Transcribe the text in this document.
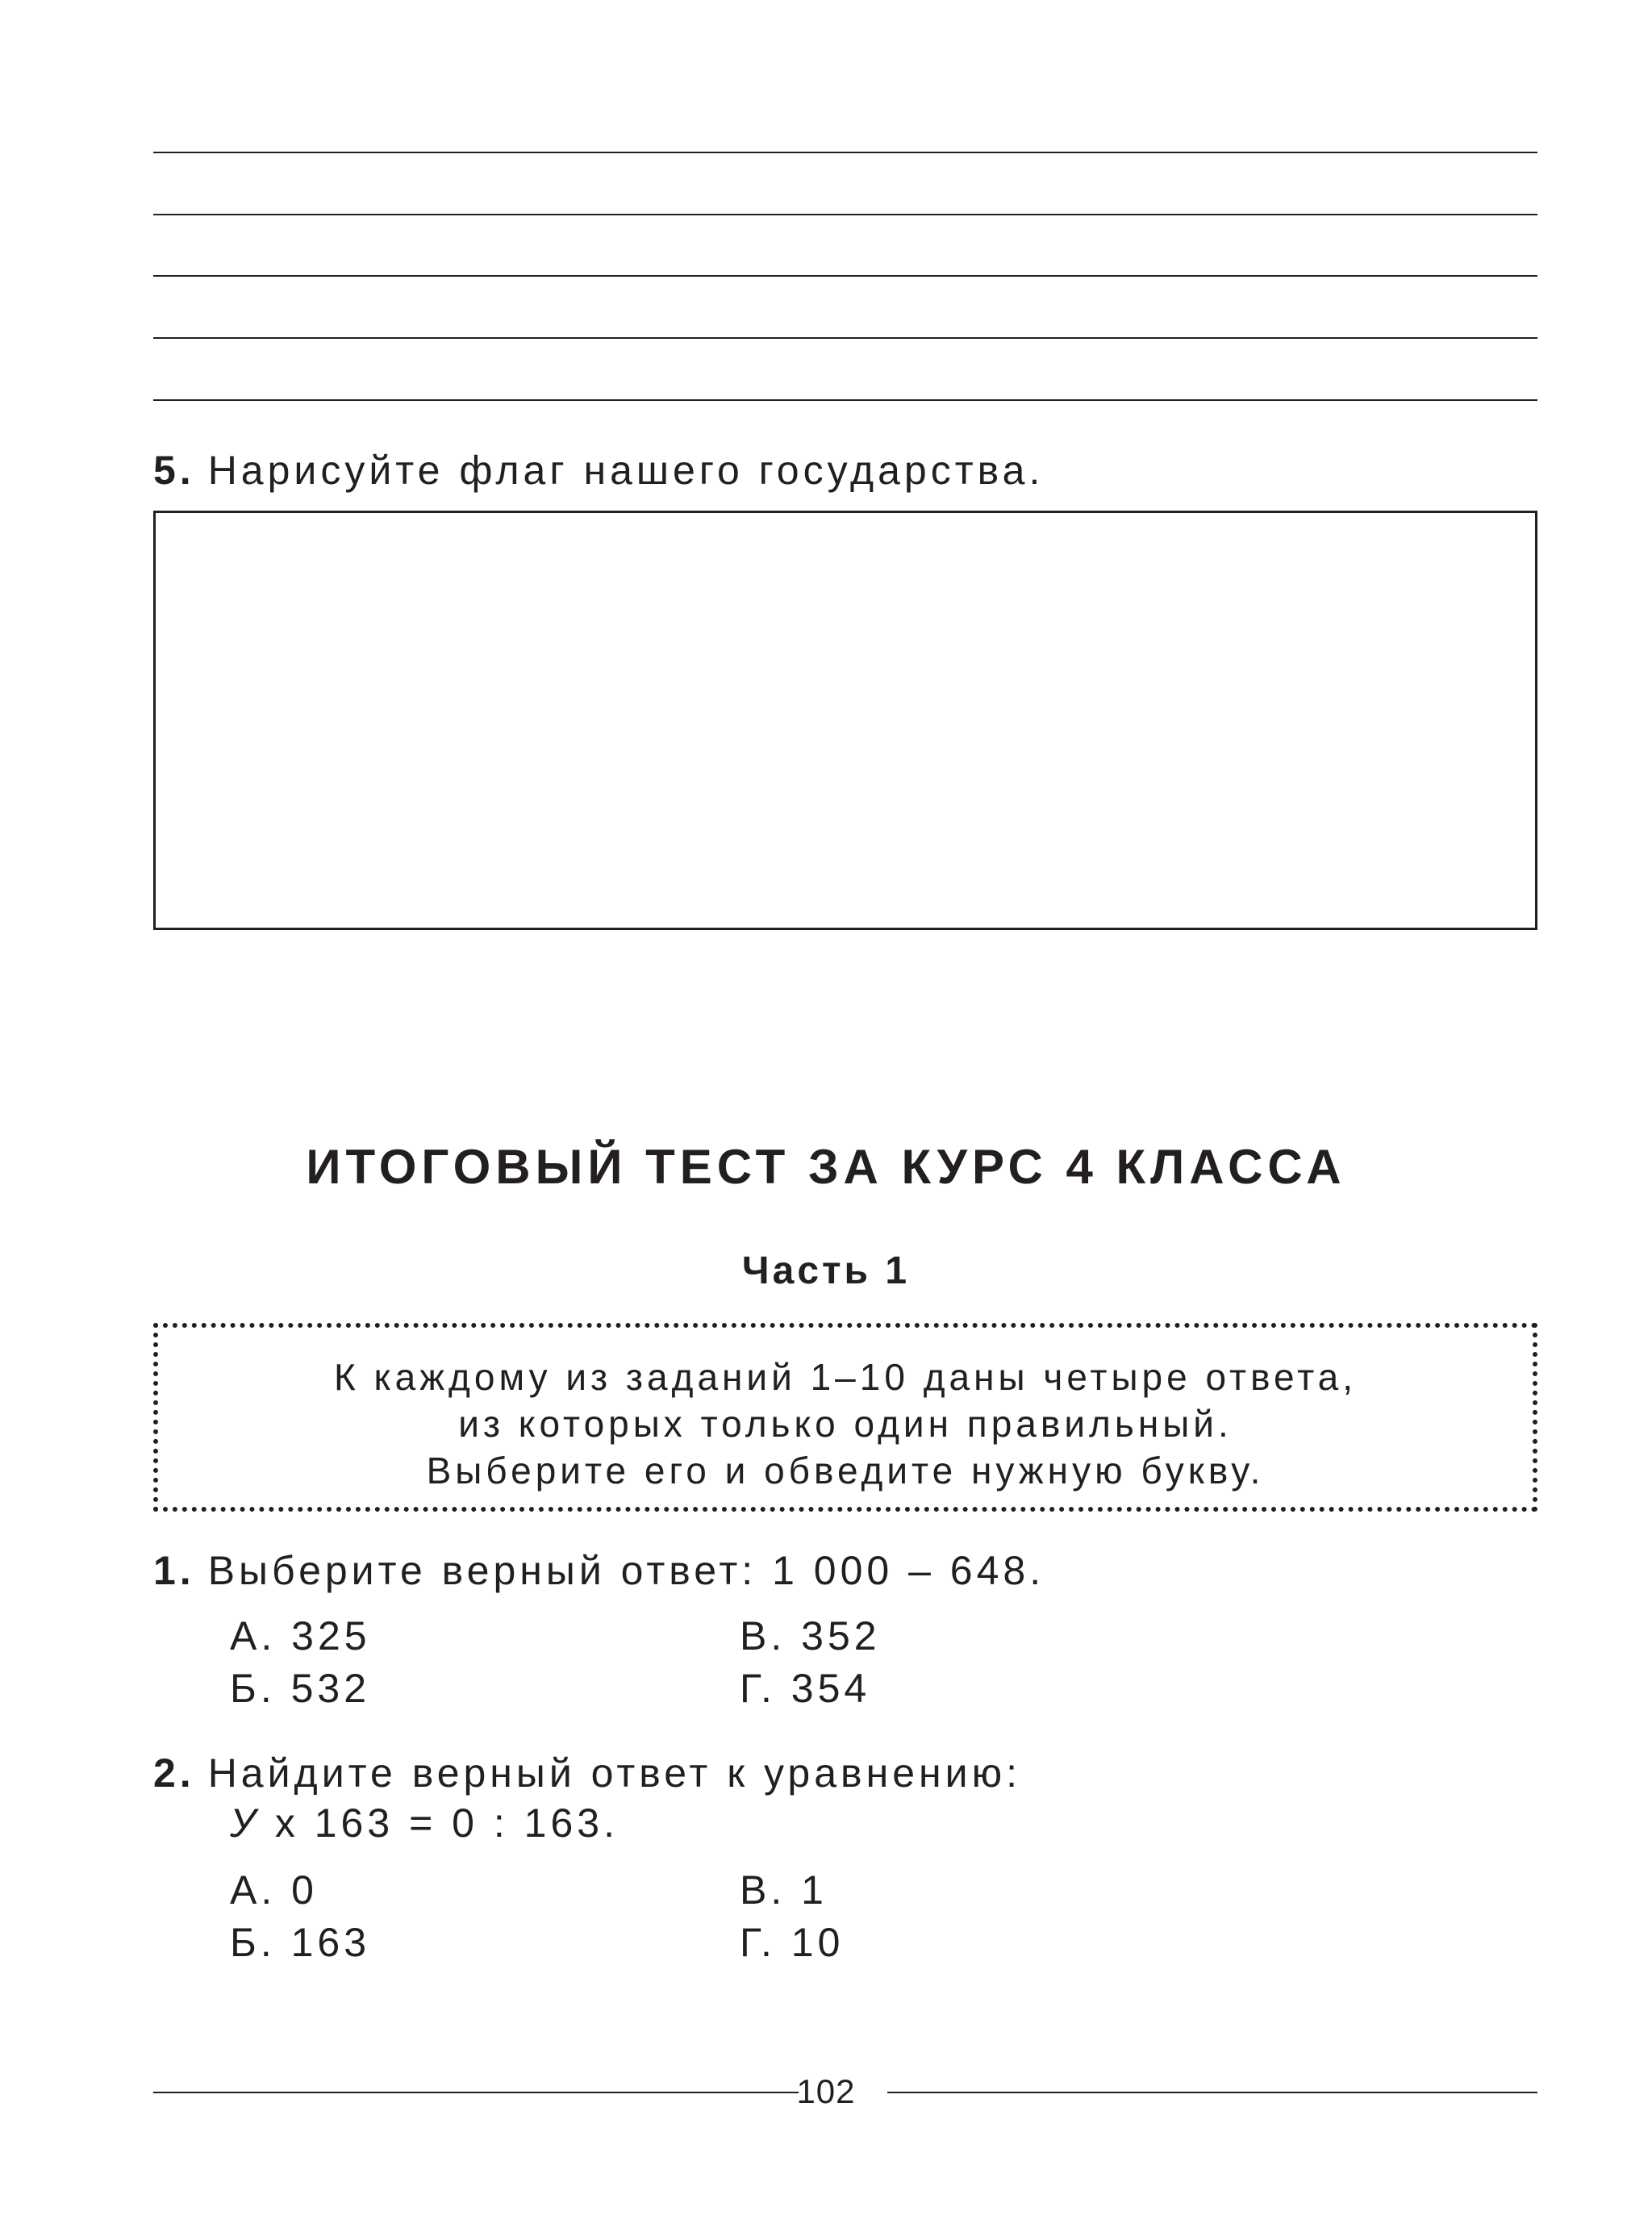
5. Нарисуйте флаг нашего государства.
ИТОГОВЫЙ ТЕСТ ЗА КУРС 4 КЛАССА
Часть 1
К каждому из заданий 1–10 даны четыре ответа,
из которых только один правильный.
Выберите его и обведите нужную букву.
1. Выберите верный ответ: 1 000 – 648.
А. 325	В. 352
Б. 532	Г. 354
2. Найдите верный ответ к уравнению:
У х 163 = 0 : 163.
А. 0	В. 1
Б. 163	Г. 10
102
